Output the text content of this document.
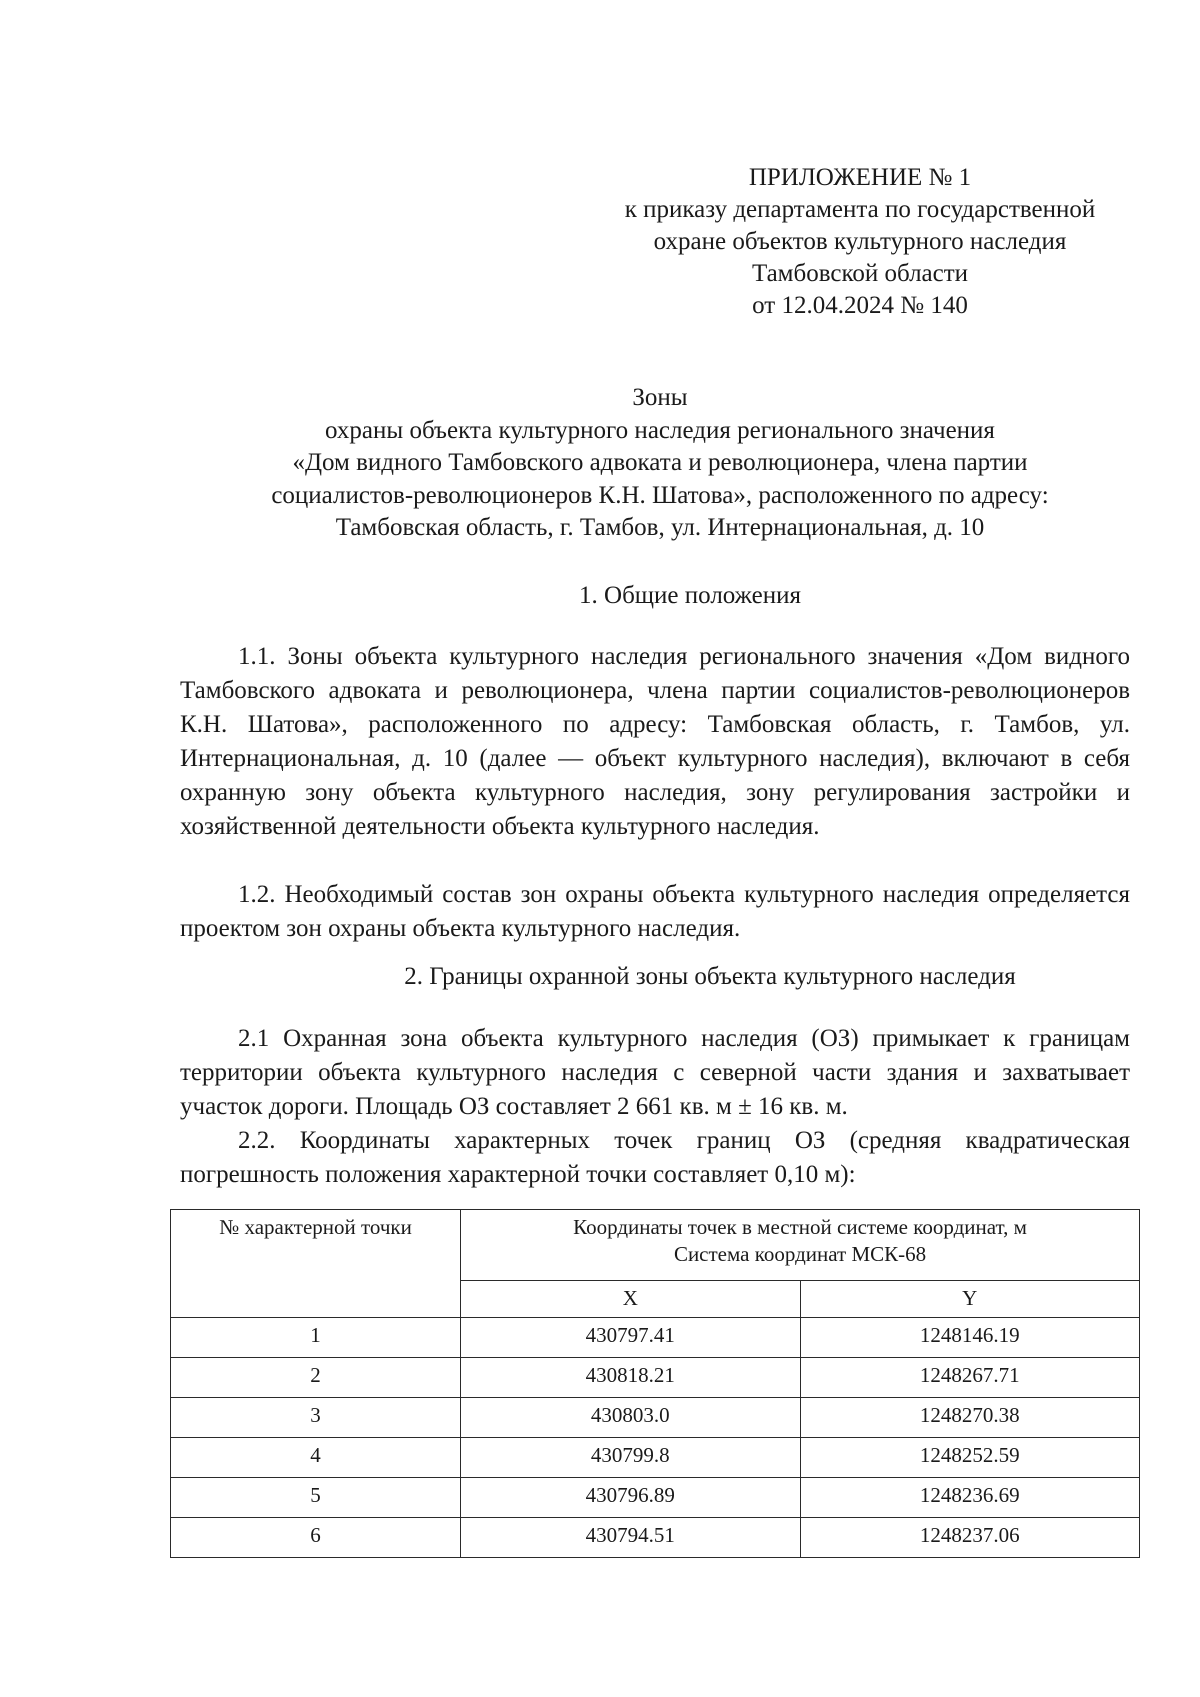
ПРИЛОЖЕНИЕ № 1
к приказу департамента по государственной
охране объектов культурного наследия
Тамбовской области
от 12.04.2024 № 140
Зоны
охраны объекта культурного наследия регионального значения
«Дом видного Тамбовского адвоката и революционера, члена партии
социалистов-революционеров К.Н. Шатова», расположенного по адресу:
Тамбовская область, г. Тамбов, ул. Интернациональная, д. 10
1. Общие положения
1.1. Зоны объекта культурного наследия регионального значения «Дом видного Тамбовского адвоката и революционера, члена партии социалистов-революционеров К.Н. Шатова», расположенного по адресу: Тамбовская область, г. Тамбов, ул. Интернациональная, д. 10 (далее — объект культурного наследия), включают в себя охранную зону объекта культурного наследия, зону регулирования застройки и хозяйственной деятельности объекта культурного наследия.
1.2. Необходимый состав зон охраны объекта культурного наследия определяется проектом зон охраны объекта культурного наследия.
2. Границы охранной зоны объекта культурного наследия
2.1 Охранная зона объекта культурного наследия (ОЗ) примыкает к границам территории объекта культурного наследия с северной части здания и захватывает участок дороги. Площадь ОЗ составляет 2 661 кв. м ± 16 кв. м.
2.2. Координаты характерных точек границ ОЗ (средняя квадратическая погрешность положения характерной точки составляет 0,10 м):
№ характерной точки	Координаты точек в местной системе координат, м
Система координат МСК-68	

	X	Y
1	430797.41	1248146.19
2	430818.21	1248267.71
3	430803.0	1248270.38
4	430799.8	1248252.59
5	430796.89	1248236.69
6	430794.51	1248237.06
